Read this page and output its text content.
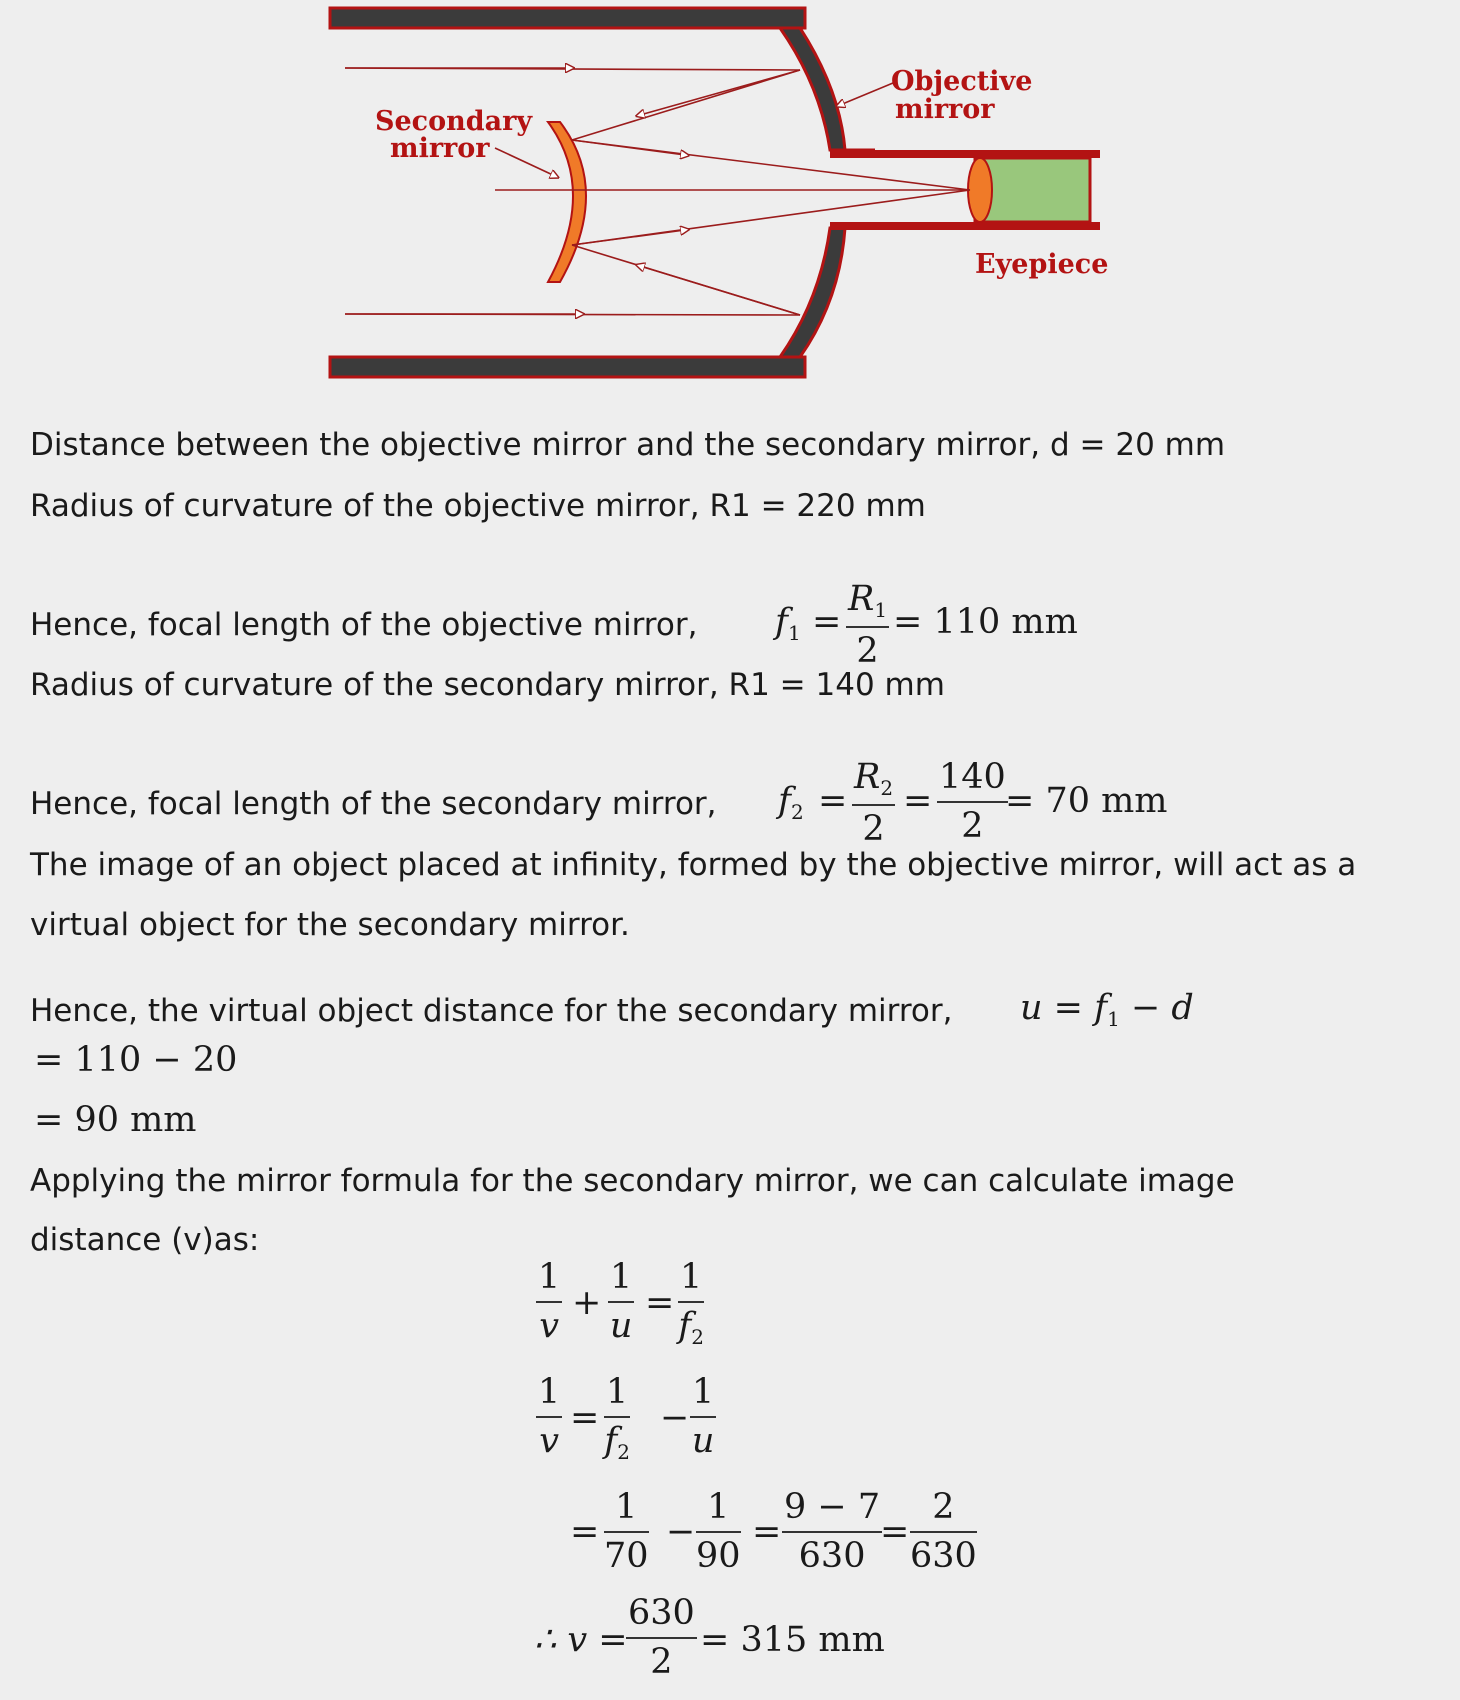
Secondary
mirror
Objective
mirror
Eyepiece
Distance between the objective mirror and the secondary mirror, d = 20 mm
Radius of curvature of the objective mirror, R1 = 220 mm
Hence, focal length of the objective mirror, $f_1$ =
$R_1$
2
= 110 mm
Radius of curvature of the secondary mirror, R1 = 140 mm
Hence, focal length of the secondary mirror, $f_2$ =
$R_2$
2
=
140
2
= 70 mm
The image of an object placed at infinity, formed by the objective mirror, will act as a
virtual object for the secondary mirror.
Hence, the virtual object distance for the secondary mirror, $u = f_1 - d$
= 110 − 20
= 90 mm
Applying the mirror formula for the secondary mirror, we can calculate image
distance (v)as:
1
v
+
1
u
=
1
$f_2$
1
v
=
1
$f_2$
−
1
u
=
1
70
−
1
90
=
9 − 7
630
=
2
630
∴ v =
630
2
= 315 mm
